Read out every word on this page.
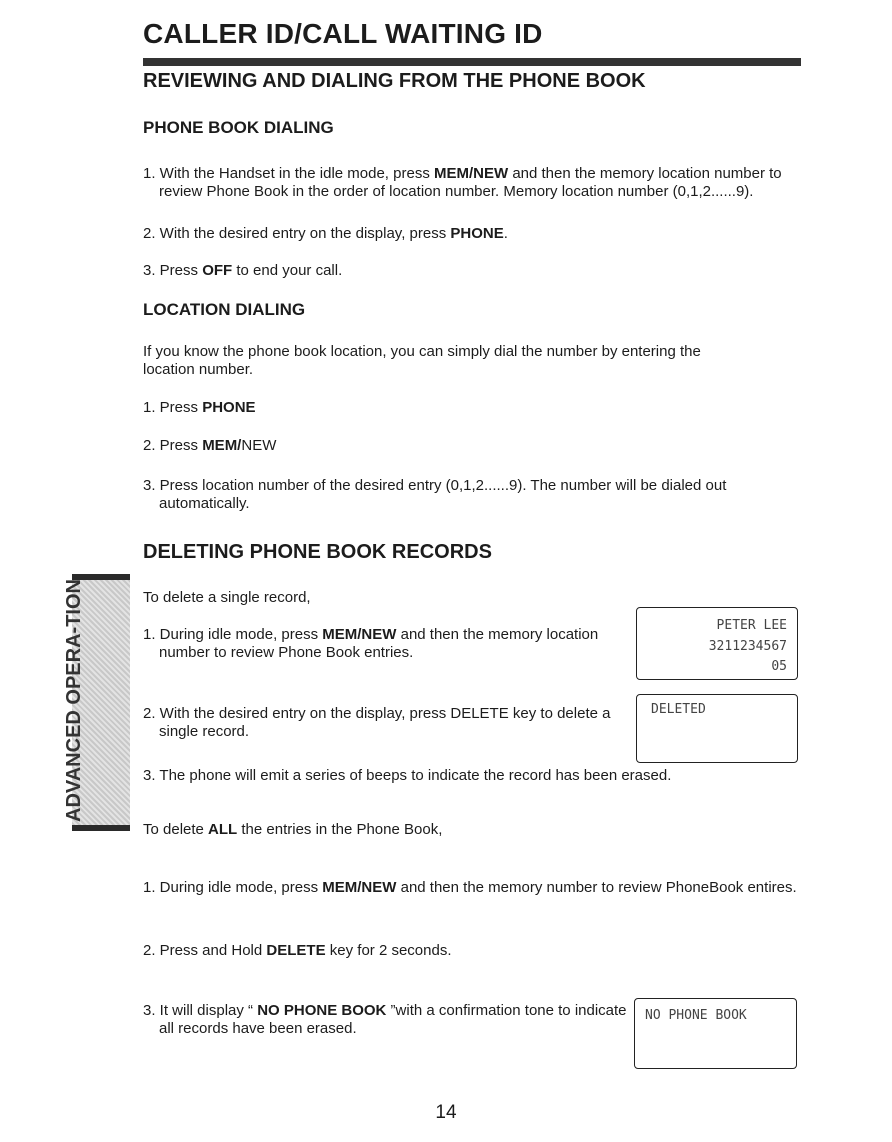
CALLER ID/CALL WAITING ID
REVIEWING AND DIALING FROM THE PHONE BOOK
PHONE BOOK DIALING
1. With the Handset in the idle mode, press MEM/NEW and then the memory location number to review Phone Book in the order of location number. Memory location number (0,1,2......9).
2. With the desired entry on the display, press PHONE.
3. Press OFF to end your call.
LOCATION DIALING
If you know the phone book location, you can simply dial the number by entering the location number.
1. Press PHONE
2. Press MEM/NEW
3. Press location number of the desired entry (0,1,2......9). The number will be dialed out automatically.
DELETING PHONE BOOK RECORDS
To delete a single record,
1. During idle mode, press MEM/NEW and then the memory location number to review Phone Book entries.
2. With the desired entry on the display, press DELETE key to delete a single record.
3. The phone will emit a series of beeps to indicate the record has been erased.
To delete ALL the entries in the Phone Book,
1. During idle mode, press MEM/NEW and then the memory number to review PhoneBook entires.
2. Press and Hold DELETE key for 2 seconds.
3. It will display “ NO PHONE BOOK ”with a confirmation tone to indicate all records have been erased.
PETER LEE
3211234567
05
DELETED
NO PHONE BOOK
ADVANCED OPERA-TION
14
